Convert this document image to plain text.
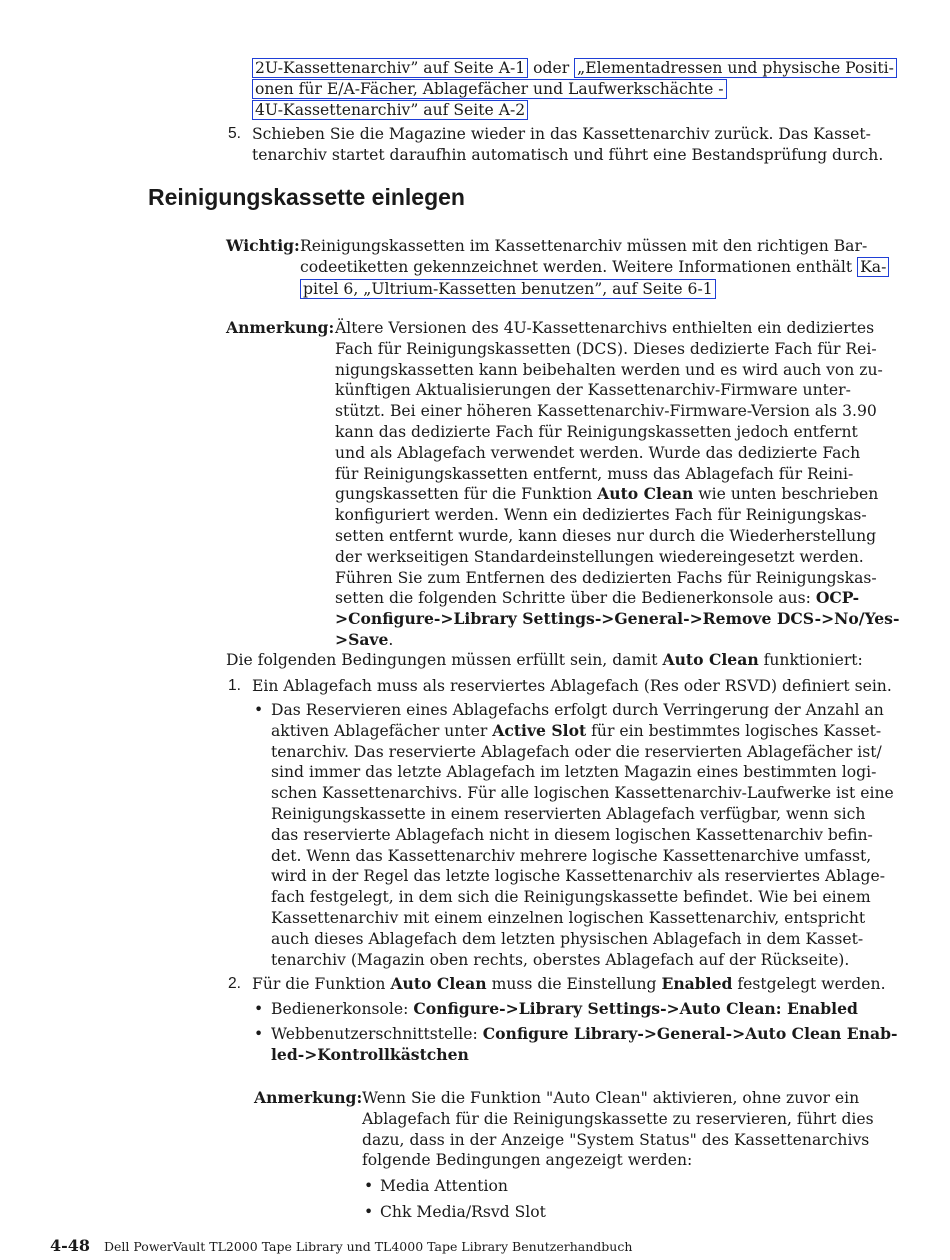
2U-Kassettenarchiv” auf Seite A-1 oder „Elementadressen und physische Positi-
onen für E/A-Fächer, Ablagefächer und Laufwerkschächte -
4U-Kassettenarchiv” auf Seite A-2
5. Schieben Sie die Magazine wieder in das Kassettenarchiv zurück. Das Kasset-
tenarchiv startet daraufhin automatisch und führt eine Bestandsprüfung durch.
Reinigungskassette einlegen
Wichtig: Reinigungskassetten im Kassettenarchiv müssen mit den richtigen Bar-
codeetiketten gekennzeichnet werden. Weitere Informationen enthält Ka-
pitel 6, „Ultrium-Kassetten benutzen”, auf Seite 6-1
Anmerkung: Ältere Versionen des 4U-Kassettenarchivs enthielten ein dediziertes
Fach für Reinigungskassetten (DCS). Dieses dedizierte Fach für Rei-
nigungskassetten kann beibehalten werden und es wird auch von zu-
künftigen Aktualisierungen der Kassettenarchiv-Firmware unter-
stützt. Bei einer höheren Kassettenarchiv-Firmware-Version als 3.90
kann das dedizierte Fach für Reinigungskassetten jedoch entfernt
und als Ablagefach verwendet werden. Wurde das dedizierte Fach
für Reinigungskassetten entfernt, muss das Ablagefach für Reini-
gungskassetten für die Funktion Auto Clean wie unten beschrieben
konfiguriert werden. Wenn ein dediziertes Fach für Reinigungskas-
setten entfernt wurde, kann dieses nur durch die Wiederherstellung
der werkseitigen Standardeinstellungen wiedereingesetzt werden.
Führen Sie zum Entfernen des dedizierten Fachs für Reinigungskas-
setten die folgenden Schritte über die Bedienerkonsole aus: OCP-
>Configure->Library Settings->General->Remove DCS->No/Yes-
>Save.
Die folgenden Bedingungen müssen erfüllt sein, damit Auto Clean funktioniert:
1. Ein Ablagefach muss als reserviertes Ablagefach (Res oder RSVD) definiert sein.
• Das Reservieren eines Ablagefachs erfolgt durch Verringerung der Anzahl an
aktiven Ablagefächer unter Active Slot für ein bestimmtes logisches Kasset-
tenarchiv. Das reservierte Ablagefach oder die reservierten Ablagefächer ist/
sind immer das letzte Ablagefach im letzten Magazin eines bestimmten logi-
schen Kassettenarchivs. Für alle logischen Kassettenarchiv-Laufwerke ist eine
Reinigungskassette in einem reservierten Ablagefach verfügbar, wenn sich
das reservierte Ablagefach nicht in diesem logischen Kassettenarchiv befin-
det. Wenn das Kassettenarchiv mehrere logische Kassettenarchive umfasst,
wird in der Regel das letzte logische Kassettenarchiv als reserviertes Ablage-
fach festgelegt, in dem sich die Reinigungskassette befindet. Wie bei einem
Kassettenarchiv mit einem einzelnen logischen Kassettenarchiv, entspricht
auch dieses Ablagefach dem letzten physischen Ablagefach in dem Kasset-
tenarchiv (Magazin oben rechts, oberstes Ablagefach auf der Rückseite).
2. Für die Funktion Auto Clean muss die Einstellung Enabled festgelegt werden.
• Bedienerkonsole: Configure->Library Settings->Auto Clean: Enabled
• Webbenutzerschnittstelle: Configure Library->General->Auto Clean Enab-
led->Kontrollkästchen
Anmerkung: Wenn Sie die Funktion "Auto Clean" aktivieren, ohne zuvor ein
Ablagefach für die Reinigungskassette zu reservieren, führt dies
dazu, dass in der Anzeige "System Status" des Kassettenarchivs
folgende Bedingungen angezeigt werden:
• Media Attention
• Chk Media/Rsvd Slot
4-48 Dell PowerVault TL2000 Tape Library und TL4000 Tape Library Benutzerhandbuch
